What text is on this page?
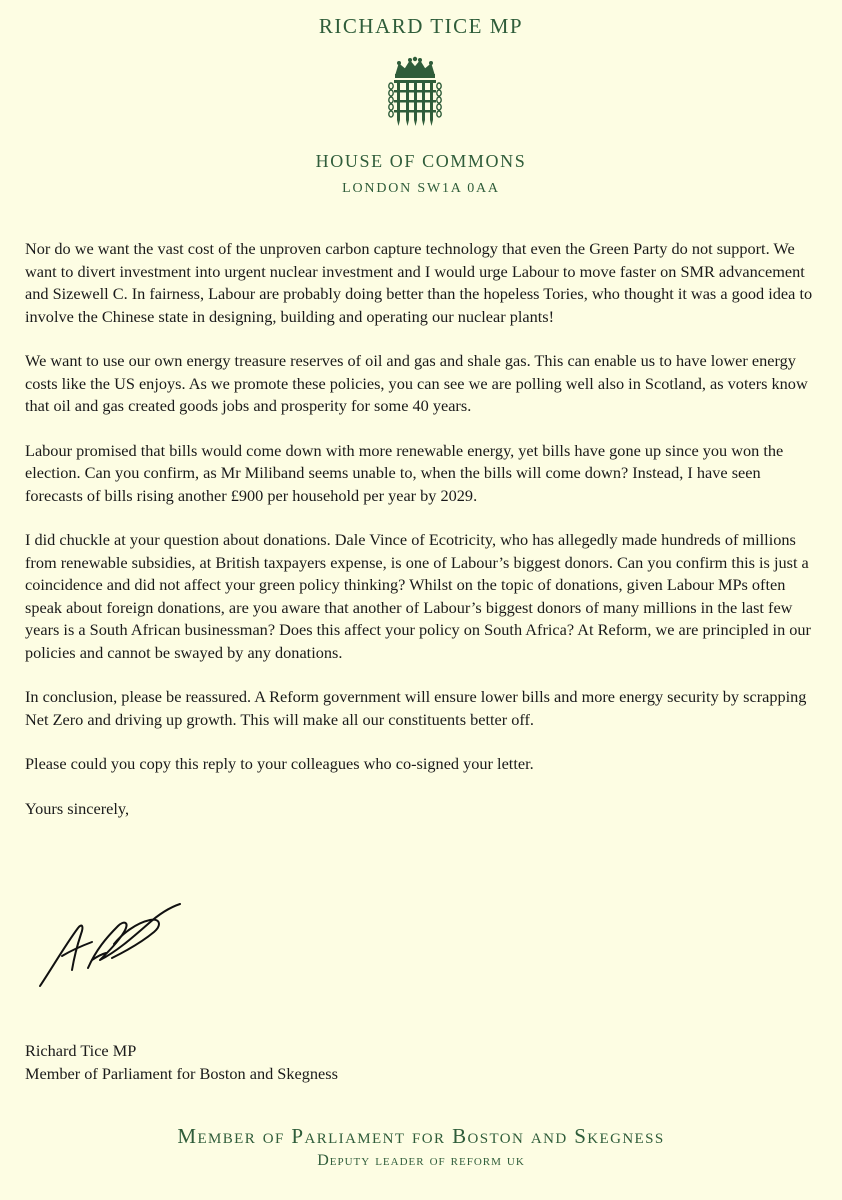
RICHARD TICE MP
HOUSE OF COMMONS
LONDON SW1A 0AA

Nor do we want the vast cost of the unproven carbon capture technology that even the Green Party do not support. We want to divert investment into urgent nuclear investment and I would urge Labour to move faster on SMR advancement and Sizewell C. In fairness, Labour are probably doing better than the hopeless Tories, who thought it was a good idea to involve the Chinese state in designing, building and operating our nuclear plants!

We want to use our own energy treasure reserves of oil and gas and shale gas. This can enable us to have lower energy costs like the US enjoys. As we promote these policies, you can see we are polling well also in Scotland, as voters know that oil and gas created goods jobs and prosperity for some 40 years.

Labour promised that bills would come down with more renewable energy, yet bills have gone up since you won the election. Can you confirm, as Mr Miliband seems unable to, when the bills will come down? Instead, I have seen forecasts of bills rising another £900 per household per year by 2029.

I did chuckle at your question about donations. Dale Vince of Ecotricity, who has allegedly made hundreds of millions from renewable subsidies, at British taxpayers expense, is one of Labour’s biggest donors. Can you confirm this is just a coincidence and did not affect your green policy thinking? Whilst on the topic of donations, given Labour MPs often speak about foreign donations, are you aware that another of Labour’s biggest donors of many millions in the last few years is a South African businessman? Does this affect your policy on South Africa? At Reform, we are principled in our policies and cannot be swayed by any donations.

In conclusion, please be reassured. A Reform government will ensure lower bills and more energy security by scrapping Net Zero and driving up growth. This will make all our constituents better off.

Please could you copy this reply to your colleagues who co-signed your letter.

Yours sincerely,

Richard Tice MP
Member of Parliament for Boston and Skegness
Member of Parliament for Boston and Skegness
Deputy leader of reform uk
